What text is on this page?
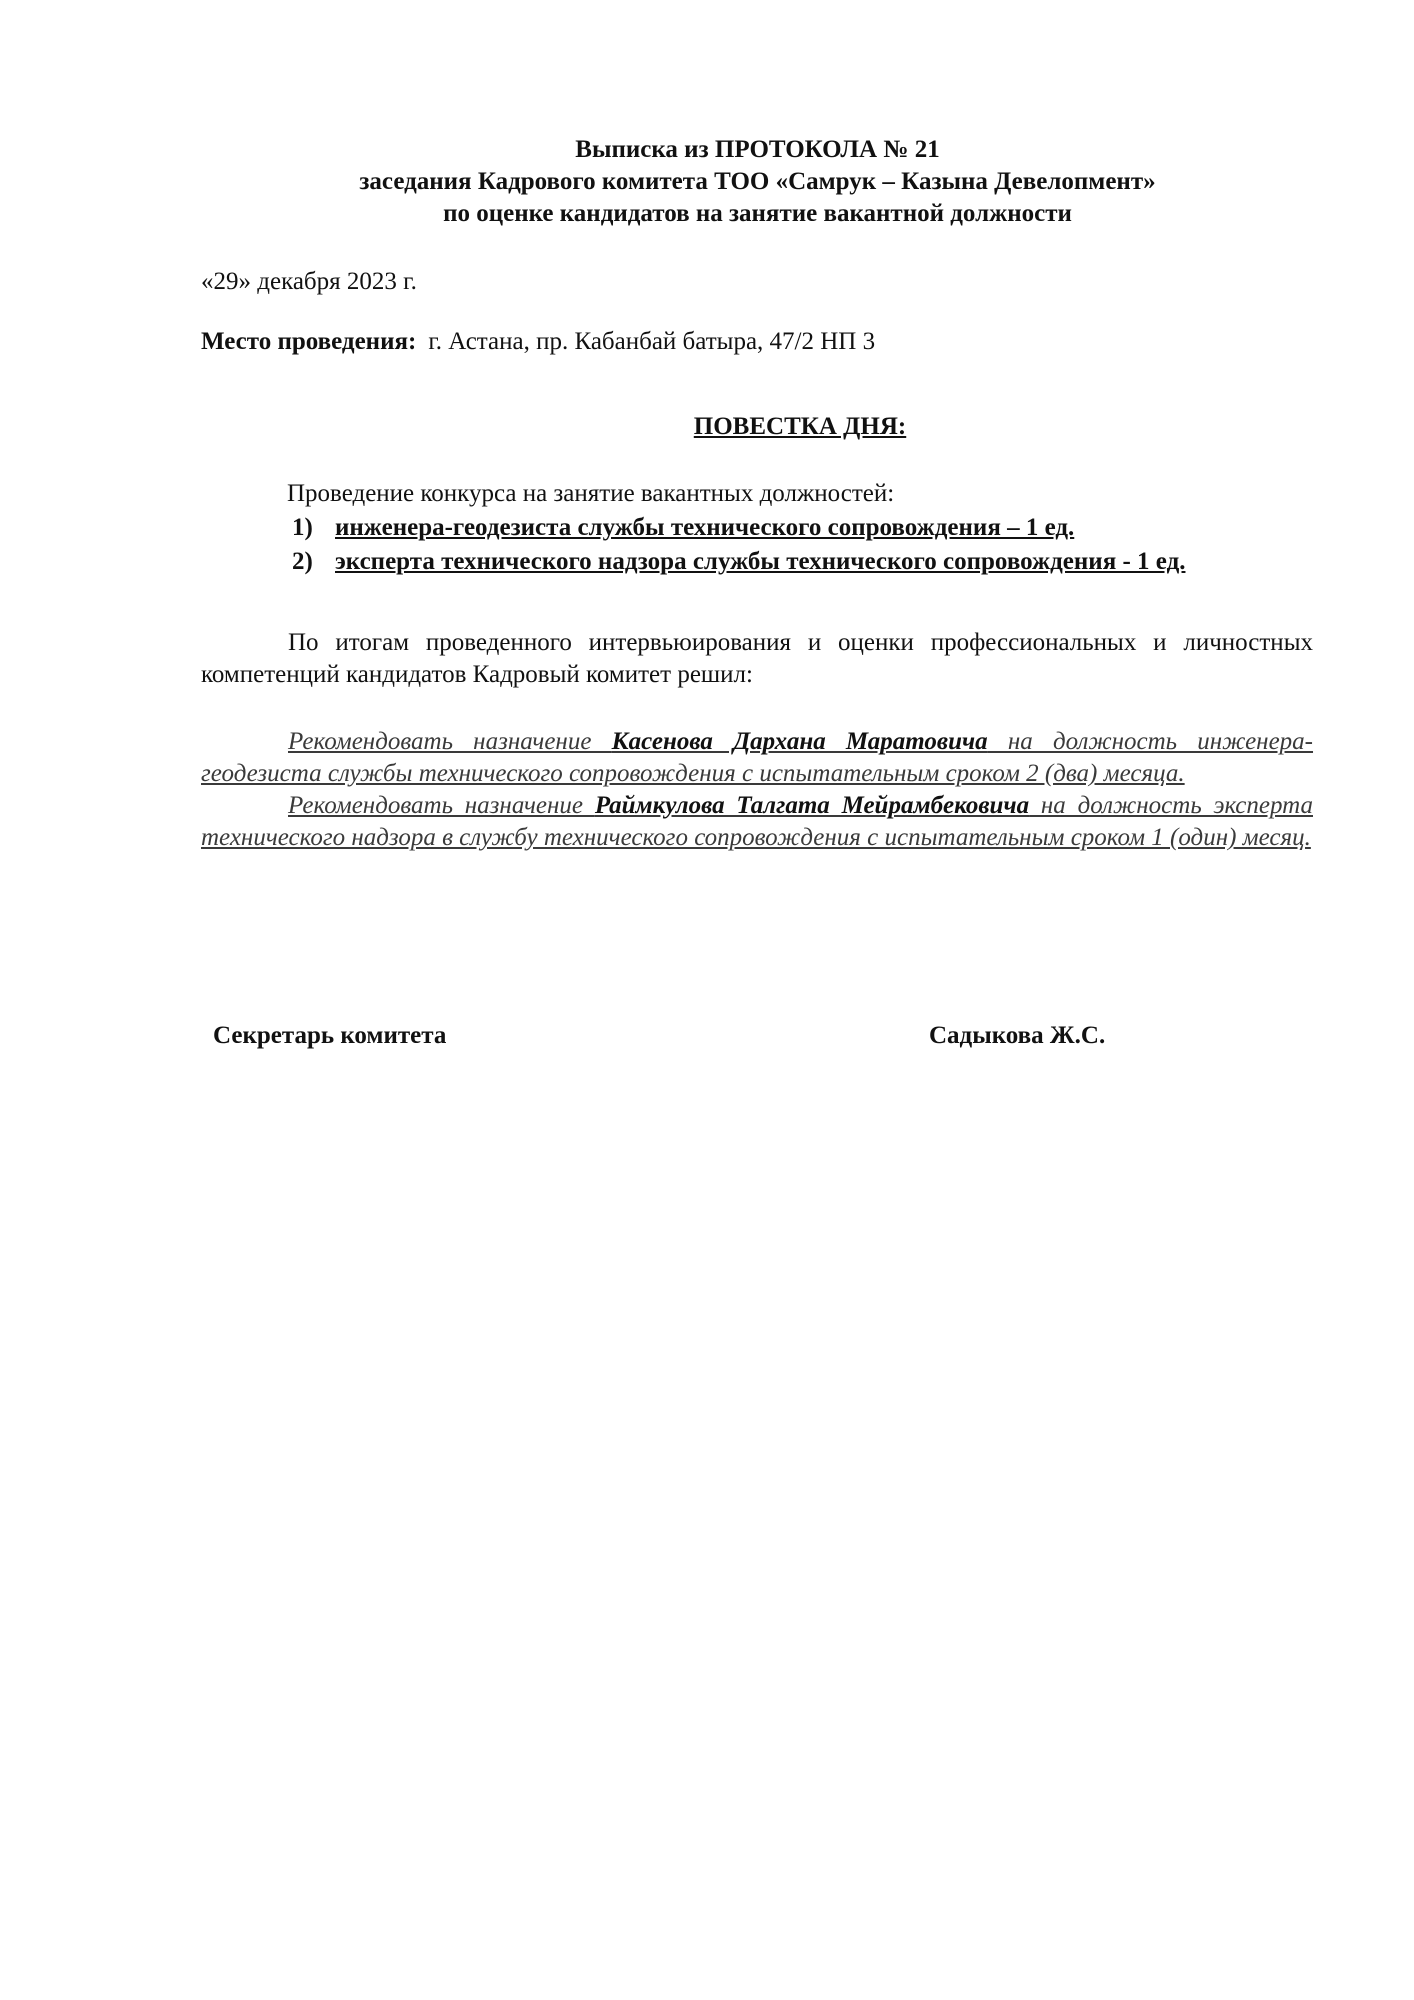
Выписка из ПРОТОКОЛА № 21
заседания Кадрового комитета ТОО «Самрук – Казына Девелопмент»
по оценке кандидатов на занятие вакантной должности
«29» декабря 2023 г.
Место проведения: г. Астана, пр. Кабанбай батыра, 47/2 НП 3
ПОВЕСТКА ДНЯ:
Проведение конкурса на занятие вакантных должностей:
1) инженера-геодезиста службы технического сопровождения – 1 ед.
2) эксперта технического надзора службы технического сопровождения - 1 ед.
По итогам проведенного интервьюирования и оценки профессиональных и личностных компетенций кандидатов Кадровый комитет решил:

Рекомендовать назначение Касенова Дархана Маратовича на должность инженера-геодезиста службы технического сопровождения с испытательным сроком 2 (два) месяца.

Рекомендовать назначение Раймкулова Талгата Мейрамбековича на должность эксперта технического надзора в службу технического сопровождения с испытательным сроком 1 (один) месяц.

Секретарь комитета	Садыкова Ж.С.
